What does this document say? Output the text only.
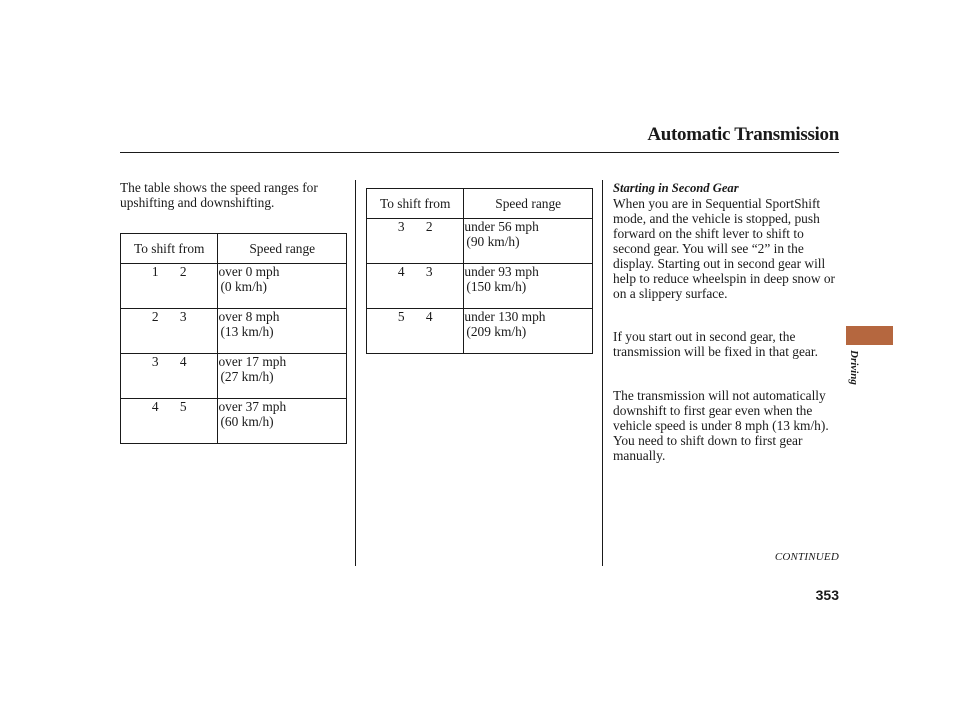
Automatic Transmission
The table shows the speed ranges for upshifting and downshifting.
To shift from	Speed range
1 2	over 0 mph
(0 km/h)

2 3	over 8 mph
(13 km/h)

3 4	over 17 mph
(27 km/h)

4 5	over 37 mph
(60 km/h)
To shift from	Speed range
3 2	under 56 mph
(90 km/h)

4 3	under 93 mph
(150 km/h)

5 4	under 130 mph
(209 km/h)
Starting in Second Gear
When you are in Sequential SportShift mode, and the vehicle is stopped, push forward on the shift lever to shift to second gear. You will see “2” in the display. Starting out in second gear will help to reduce wheelspin in deep snow or on a slippery surface.
If you start out in second gear, the transmission will be fixed in that gear.
The transmission will not automatically downshift to first gear even when the vehicle speed is under 8 mph (13 km/h). You need to shift down to first gear manually.
Driving
CONTINUED
353
